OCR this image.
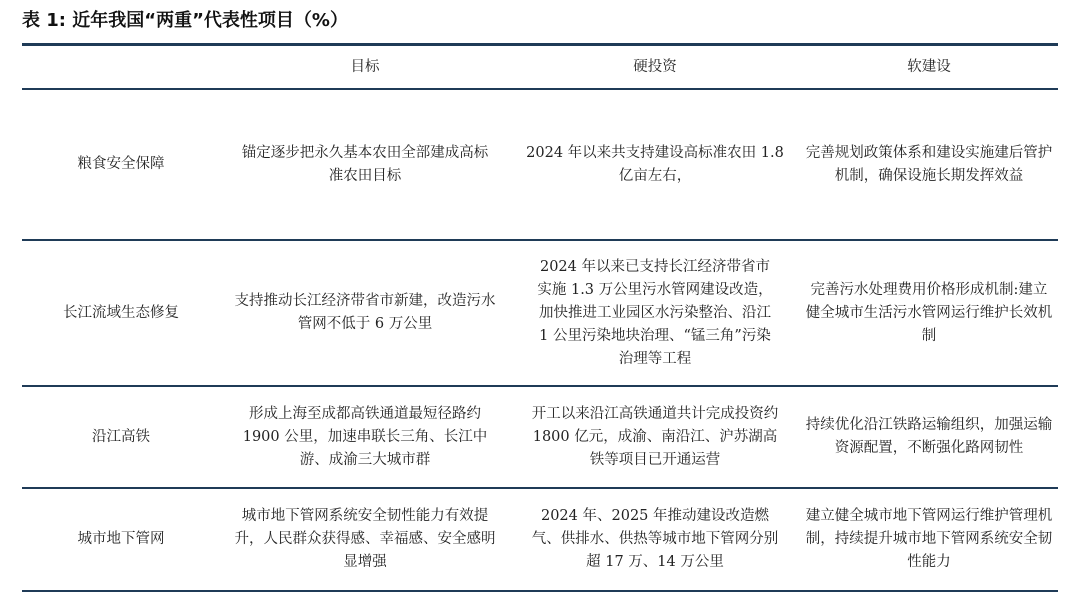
表 1: 近年我国“两重”代表性项目（%）
目标	硬投资	软建设
粮食安全保障
锚定逐步把永久基本农田全部建成高标准农田目标
2024 年以来共支持建设高标准农田 1.8 亿亩左右，
完善规划政策体系和建设实施建后管护机制，确保设施长期发挥效益
长江流域生态修复
支持推动长江经济带省市新建，改造污水管网不低于 6 万公里
2024 年以来已支持长江经济带省市实施 1.3 万公里污水管网建设改造，加快推进工业园区水污染整治、沿江 1 公里污染地块治理、“锰三角”污染治理等工程
完善污水处理费用价格形成机制:建立健全城市生活污水管网运行维护长效机制
沿江高铁
形成上海至成都高铁通道最短径路约 1900 公里，加速串联长三角、长江中游、成渝三大城市群
开工以来沿江高铁通道共计完成投资约 1800 亿元，成渝、南沿江、沪苏湖高铁等项目已开通运营
持续优化沿江铁路运输组织，加强运输资源配置，不断强化路网韧性
城市地下管网
城市地下管网系统安全韧性能力有效提升，人民群众获得感、幸福感、安全感明显增强
2024 年、2025 年推动建设改造燃气、供排水、供热等城市地下管网分别超 17 万、14 万公里
建立健全城市地下管网运行维护管理机制，持续提升城市地下管网系统安全韧性能力
